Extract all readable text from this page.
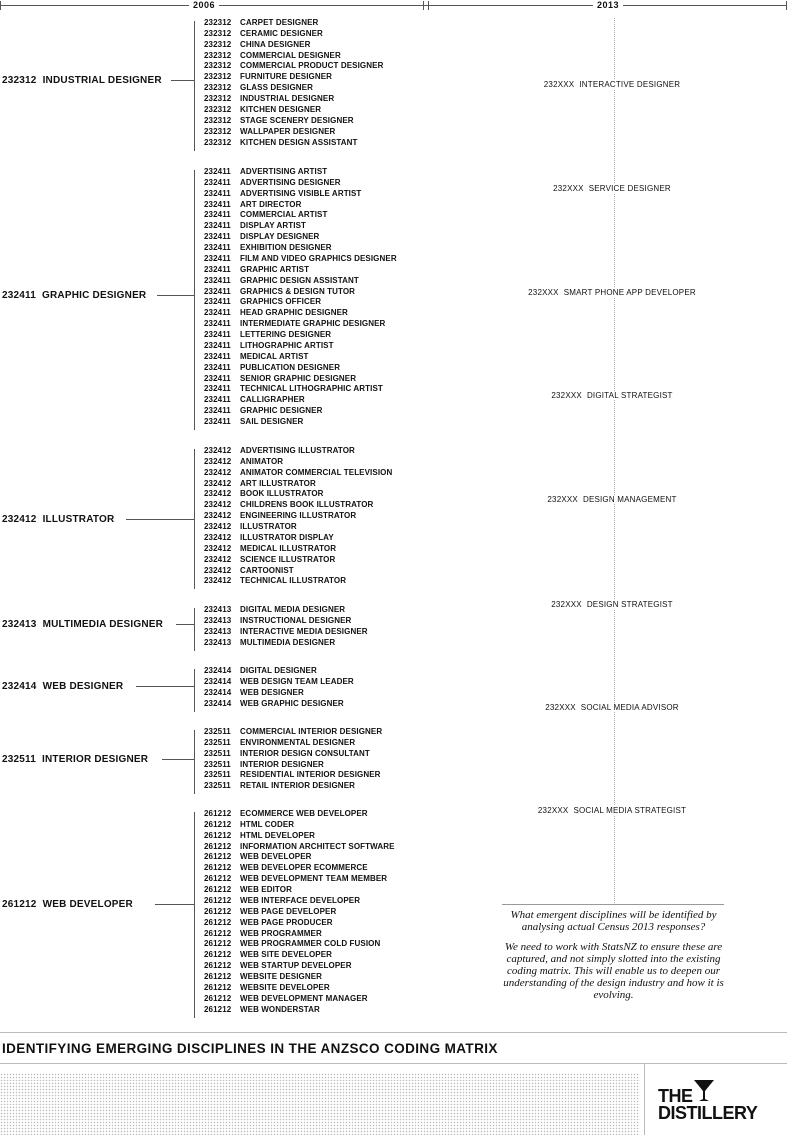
2006	2013
232312 INDUSTRIAL DESIGNER
232312 CARPET DESIGNER
232312 CERAMIC DESIGNER
232312 CHINA DESIGNER
232312 COMMERCIAL DESIGNER
232312 COMMERCIAL PRODUCT DESIGNER
232312 FURNITURE DESIGNER
232312 GLASS DESIGNER
232312 INDUSTRIAL DESIGNER
232312 KITCHEN DESIGNER
232312 STAGE SCENERY DESIGNER
232312 WALLPAPER DESIGNER
232312 KITCHEN DESIGN ASSISTANT
232411 GRAPHIC DESIGNER
232411 ADVERTISING ARTIST
232411 ADVERTISING DESIGNER
232411 ADVERTISING VISIBLE ARTIST
232411 ART DIRECTOR
232411 COMMERCIAL ARTIST
232411 DISPLAY ARTIST
232411 DISPLAY DESIGNER
232411 EXHIBITION DESIGNER
232411 FILM AND VIDEO GRAPHICS DESIGNER
232411 GRAPHIC ARTIST
232411 GRAPHIC DESIGN ASSISTANT
232411 GRAPHICS & DESIGN TUTOR
232411 GRAPHICS OFFICER
232411 HEAD GRAPHIC DESIGNER
232411 INTERMEDIATE GRAPHIC DESIGNER
232411 LETTERING DESIGNER
232411 LITHOGRAPHIC ARTIST
232411 MEDICAL ARTIST
232411 PUBLICATION DESIGNER
232411 SENIOR GRAPHIC DESIGNER
232411 TECHNICAL LITHOGRAPHIC ARTIST
232411 CALLIGRAPHER
232411 GRAPHIC DESIGNER
232411 SAIL DESIGNER
232412 ILLUSTRATOR
232412 ADVERTISING ILLUSTRATOR
232412 ANIMATOR
232412 ANIMATOR COMMERCIAL TELEVISION
232412 ART ILLUSTRATOR
232412 BOOK ILLUSTRATOR
232412 CHILDRENS BOOK ILLUSTRATOR
232412 ENGINEERING ILLUSTRATOR
232412 ILLUSTRATOR
232412 ILLUSTRATOR DISPLAY
232412 MEDICAL ILLUSTRATOR
232412 SCIENCE ILLUSTRATOR
232412 CARTOONIST
232412 TECHNICAL ILLUSTRATOR
232413 MULTIMEDIA DESIGNER
232413 DIGITAL MEDIA DESIGNER
232413 INSTRUCTIONAL DESIGNER
232413 INTERACTIVE MEDIA DESIGNER
232413 MULTIMEDIA DESIGNER
232414 WEB DESIGNER
232414 DIGITAL DESIGNER
232414 WEB DESIGN TEAM LEADER
232414 WEB DESIGNER
232414 WEB GRAPHIC DESIGNER
232511 INTERIOR DESIGNER
232511 COMMERCIAL INTERIOR DESIGNER
232511 ENVIRONMENTAL DESIGNER
232511 INTERIOR DESIGN CONSULTANT
232511 INTERIOR DESIGNER
232511 RESIDENTIAL INTERIOR DESIGNER
232511 RETAIL INTERIOR DESIGNER
261212 WEB DEVELOPER
261212 ECOMMERCE WEB DEVELOPER
261212 HTML CODER
261212 HTML DEVELOPER
261212 INFORMATION ARCHITECT SOFTWARE
261212 WEB DEVELOPER
261212 WEB DEVELOPER ECOMMERCE
261212 WEB DEVELOPMENT TEAM MEMBER
261212 WEB EDITOR
261212 WEB INTERFACE DEVELOPER
261212 WEB PAGE DEVELOPER
261212 WEB PAGE PRODUCER
261212 WEB PROGRAMMER
261212 WEB PROGRAMMER COLD FUSION
261212 WEB SITE DEVELOPER
261212 WEB STARTUP DEVELOPER
261212 WEBSITE DESIGNER
261212 WEBSITE DEVELOPER
261212 WEB DEVELOPMENT MANAGER
261212 WEB WONDERSTAR
232XXX INTERACTIVE DESIGNER
232XXX SERVICE DESIGNER
232XXX SMART PHONE APP DEVELOPER
232XXX DIGITAL STRATEGIST
232XXX DESIGN MANAGEMENT
232XXX DESIGN STRATEGIST
232XXX SOCIAL MEDIA ADVISOR
232XXX SOCIAL MEDIA STRATEGIST
What emergent disciplines will be identified by analysing actual Census 2013 responses?
We need to work with StatsNZ to ensure these are captured, and not simply slotted into the existing coding matrix. This will enable us to deepen our understanding of the design industry and how it is evolving.
IDENTIFYING EMERGING DISCIPLINES IN THE ANZSCO CODING MATRIX
THE
DISTILLERY
